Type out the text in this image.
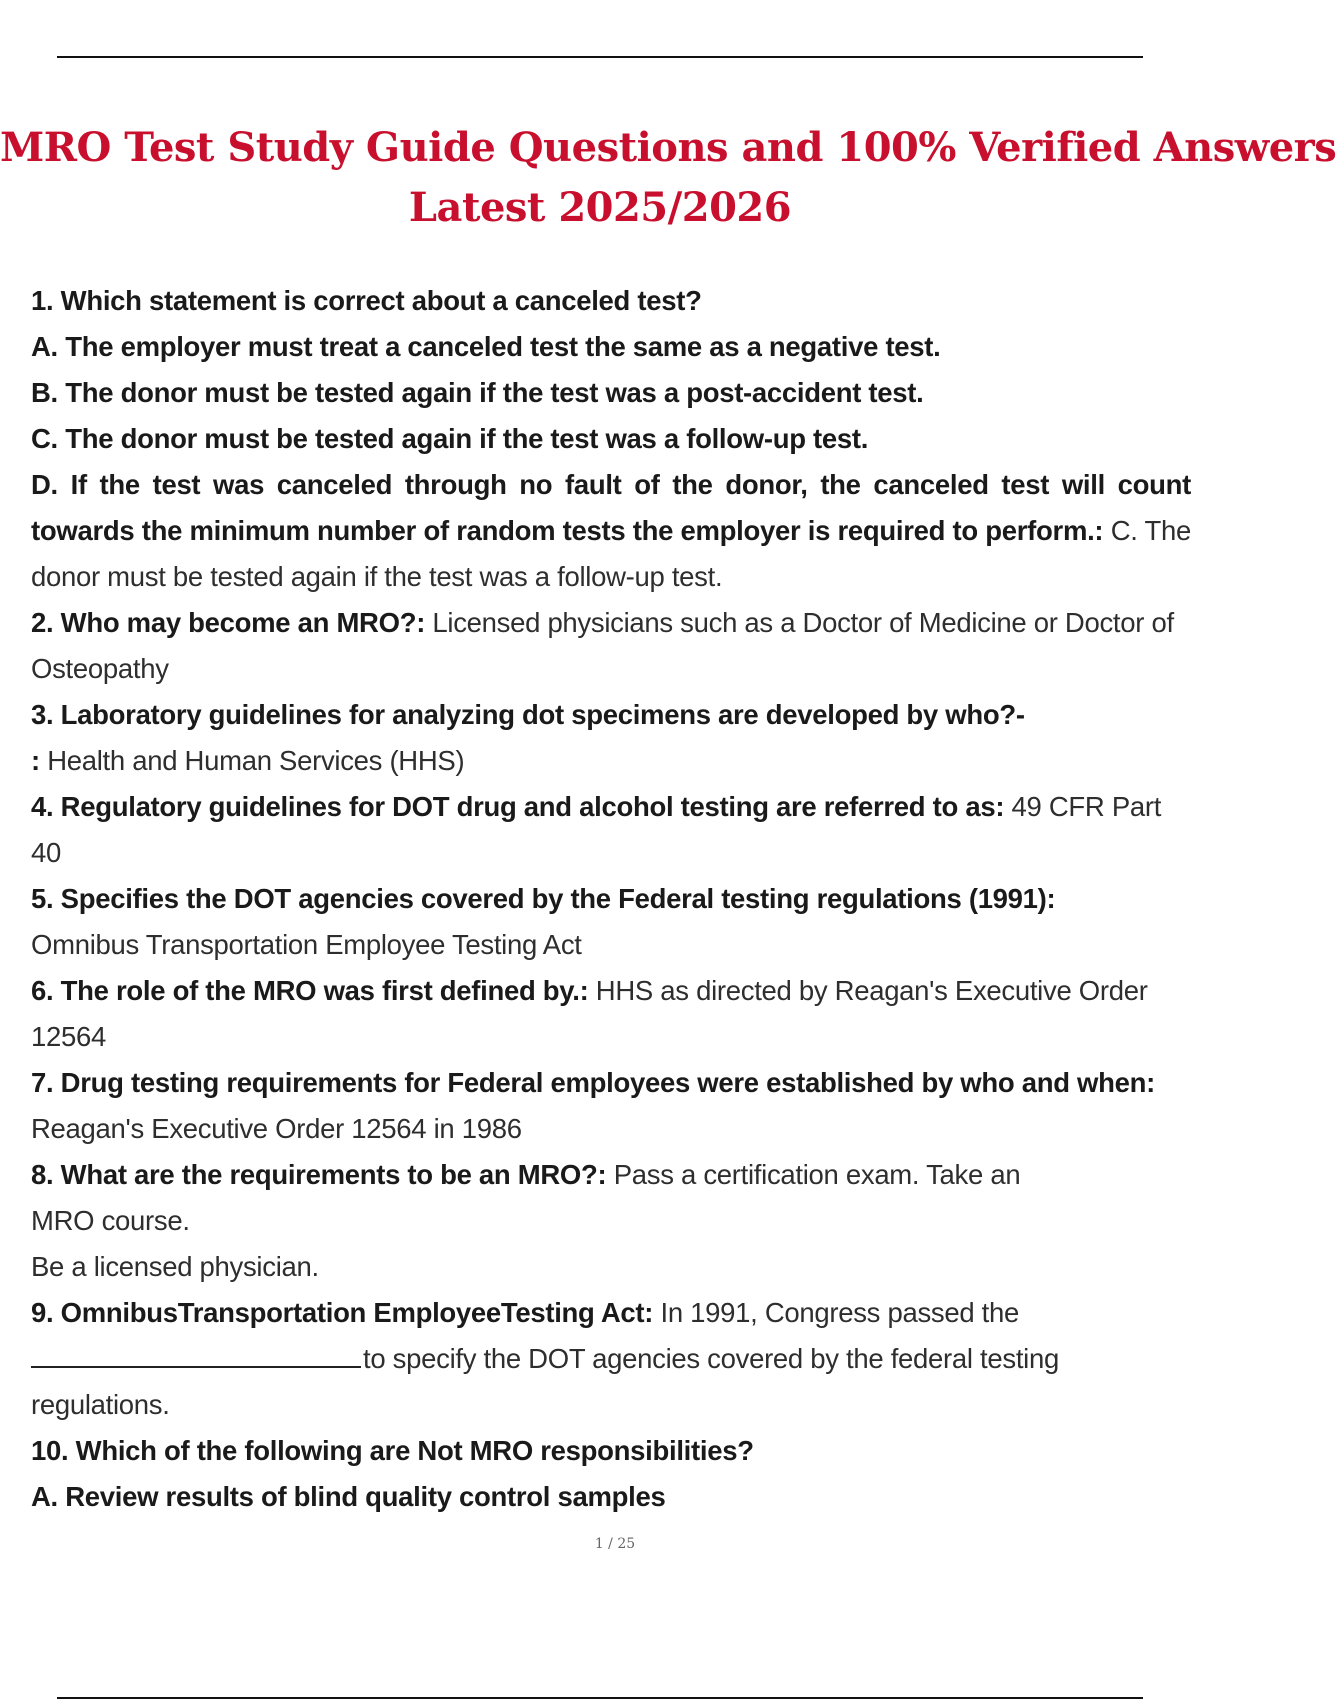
MRO Test Study Guide Questions and 100% Verified Answers
Latest 2025/2026

1. Which statement is correct about a canceled test?

A. The employer must treat a canceled test the same as a negative test.

B. The donor must be tested again if the test was a post-accident test.

C. The donor must be tested again if the test was a follow-up test.

D. If the test was canceled through no fault of the donor, the canceled test will count towards the minimum number of random tests the employer is required to perform.: C. The donor must be tested again if the test was a follow-up test.

2. Who may become an MRO?: Licensed physicians such as a Doctor of Medicine or Doctor of Osteopathy

3. Laboratory guidelines for analyzing dot specimens are developed by who?-

: Health and Human Services (HHS)

4. Regulatory guidelines for DOT drug and alcohol testing are referred to as: 49 CFR Part 40

5. Specifies the DOT agencies covered by the Federal testing regulations (1991):

Omnibus Transportation Employee Testing Act

6. The role of the MRO was first defined by.: HHS as directed by Reagan's Executive Order 12564

7. Drug testing requirements for Federal employees were established by who and when:

Reagan's Executive Order 12564 in 1986

8. What are the requirements to be an MRO?: Pass a certification exam. Take an MRO course.

Be a licensed physician.

9. OmnibusTransportation EmployeeTesting Act: In 1991, Congress passed the to specify the DOT agencies covered by the federal testing regulations.

10. Which of the following are Not MRO responsibilities?

A. Review results of blind quality control samples

1 / 25
